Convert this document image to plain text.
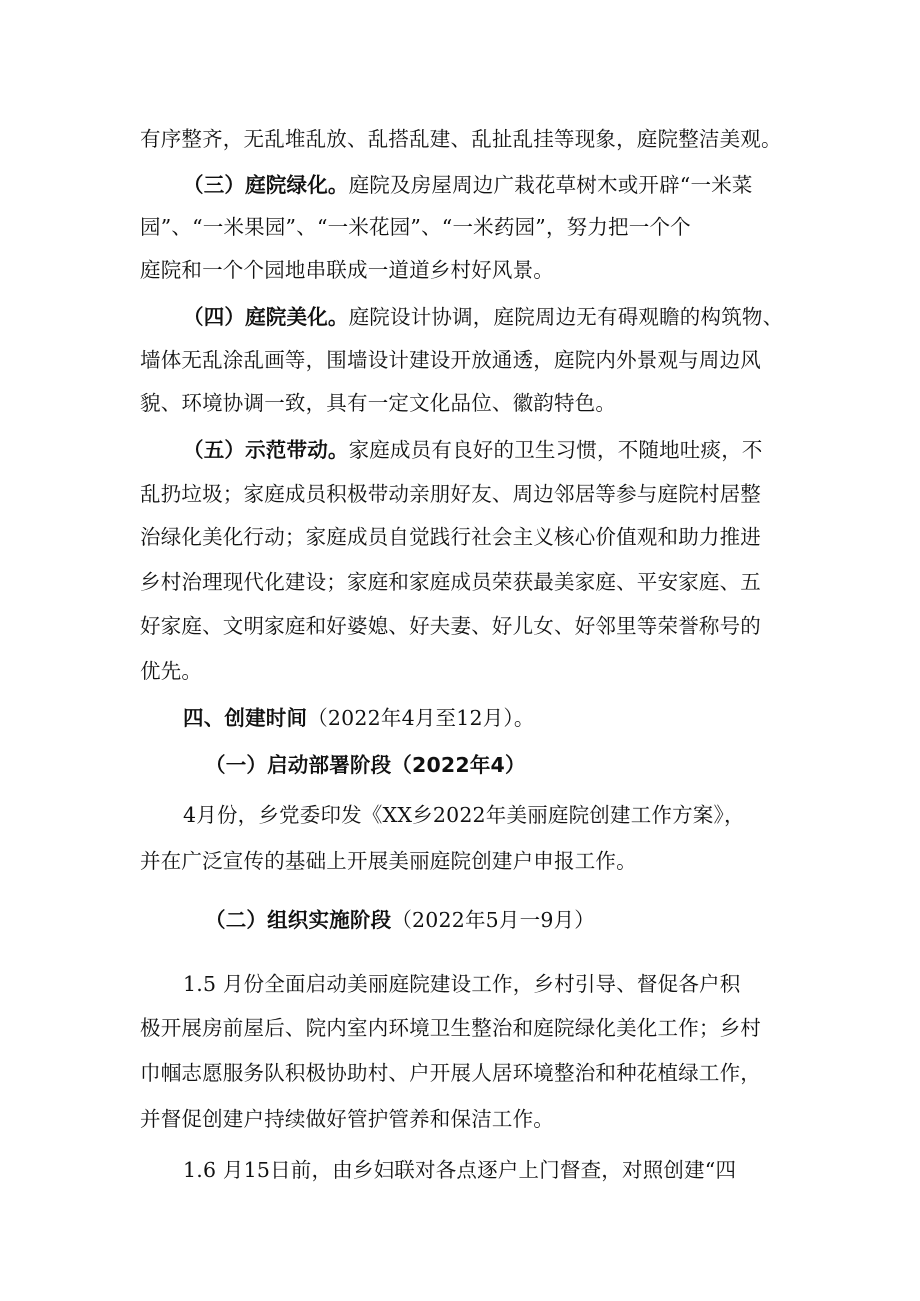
有序整齐，无乱堆乱放、乱搭乱建、乱扯乱挂等现象，庭院整洁美观。
（三）庭院绿化。庭院及房屋周边广栽花草树木或开辟“一米菜
园”、“一米果园”、“一米花园”、“一米药园”，努力把一个个
庭院和一个个园地串联成一道道乡村好风景。
（四）庭院美化。庭院设计协调，庭院周边无有碍观瞻的构筑物、
墙体无乱涂乱画等，围墙设计建设开放通透，庭院内外景观与周边风
貌、环境协调一致，具有一定文化品位、徽韵特色。
（五）示范带动。家庭成员有良好的卫生习惯，不随地吐痰，不
乱扔垃圾；家庭成员积极带动亲朋好友、周边邻居等参与庭院村居整
治绿化美化行动；家庭成员自觉践行社会主义核心价值观和助力推进
乡村治理现代化建设；家庭和家庭成员荣获最美家庭、平安家庭、五
好家庭、文明家庭和好婆媳、好夫妻、好儿女、好邻里等荣誉称号的
优先。
四、创建时间（2022年4月至12月）。
（一）启动部署阶段（2022年4）
4月份，乡党委印发《XX乡2022年美丽庭院创建工作方案》，
并在广泛宣传的基础上开展美丽庭院创建户申报工作。
（二）组织实施阶段（2022年5月一9月）
1.5 月份全面启动美丽庭院建设工作，乡村引导、督促各户积
极开展房前屋后、院内室内环境卫生整治和庭院绿化美化工作；乡村
巾帼志愿服务队积极协助村、户开展人居环境整治和种花植绿工作，
并督促创建户持续做好管护管养和保洁工作。
1.6 月15日前，由乡妇联对各点逐户上门督查，对照创建“四
